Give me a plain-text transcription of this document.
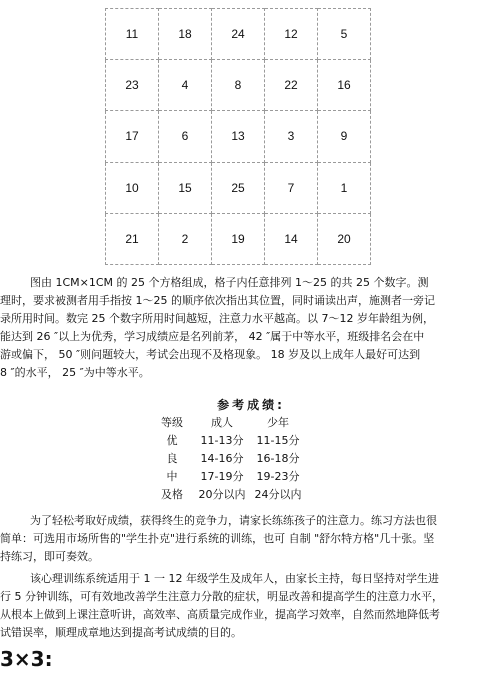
11	18	24	12	5
23	4	8	22	16
17	6	13	3	9
10	15	25	7	1
21	2	19	14	20
图由 1CM×1CM 的 25 个方格组成，格子内任意排列 1～25 的共 25 个数字。测
理时，要求被测者用手指按 1～25 的顺序依次指出其位置，同时诵读出声，施测者一旁记
录所用时间。数完 25 个数字所用时间越短，注意力水平越高。以 7～12 岁年龄组为例，
能达到 26 ″以上为优秀，学习成绩应是名列前茅， 42 ″属于中等水平，班级排名会在中
游或偏下， 50 ″则问题较大，考试会出现不及格现象。 18 岁及以上成年人最好可达到
8 ″的水平， 25 ″为中等水平。
参考成绩:
等级	成人	少年
优	11-13分	11-15分
良	14-16分	16-18分
中	17-19分	19-23分
及格	20分以内	24分以内
为了轻松考取好成绩，获得终生的竞争力，请家长练练孩子的注意力。练习方法也很
简单：可选用市场所售的"学生扑克"进行系统的训练，也可 自制 "舒尔特方格"几十张。坚
持练习，即可奏效。
该心理训练系统适用于 1 一 12 年级学生及成年人，由家长主持，每日坚持对学生进
行 5 分钟训练，可有效地改善学生注意力分散的症状，明显改善和提高学生的注意力水平，
从根本上做到上课注意听讲，高效率、高质量完成作业，提高学习效率，自然而然地降低考
试错误率，顺理成章地达到提高考试成绩的目的。
3×3:
